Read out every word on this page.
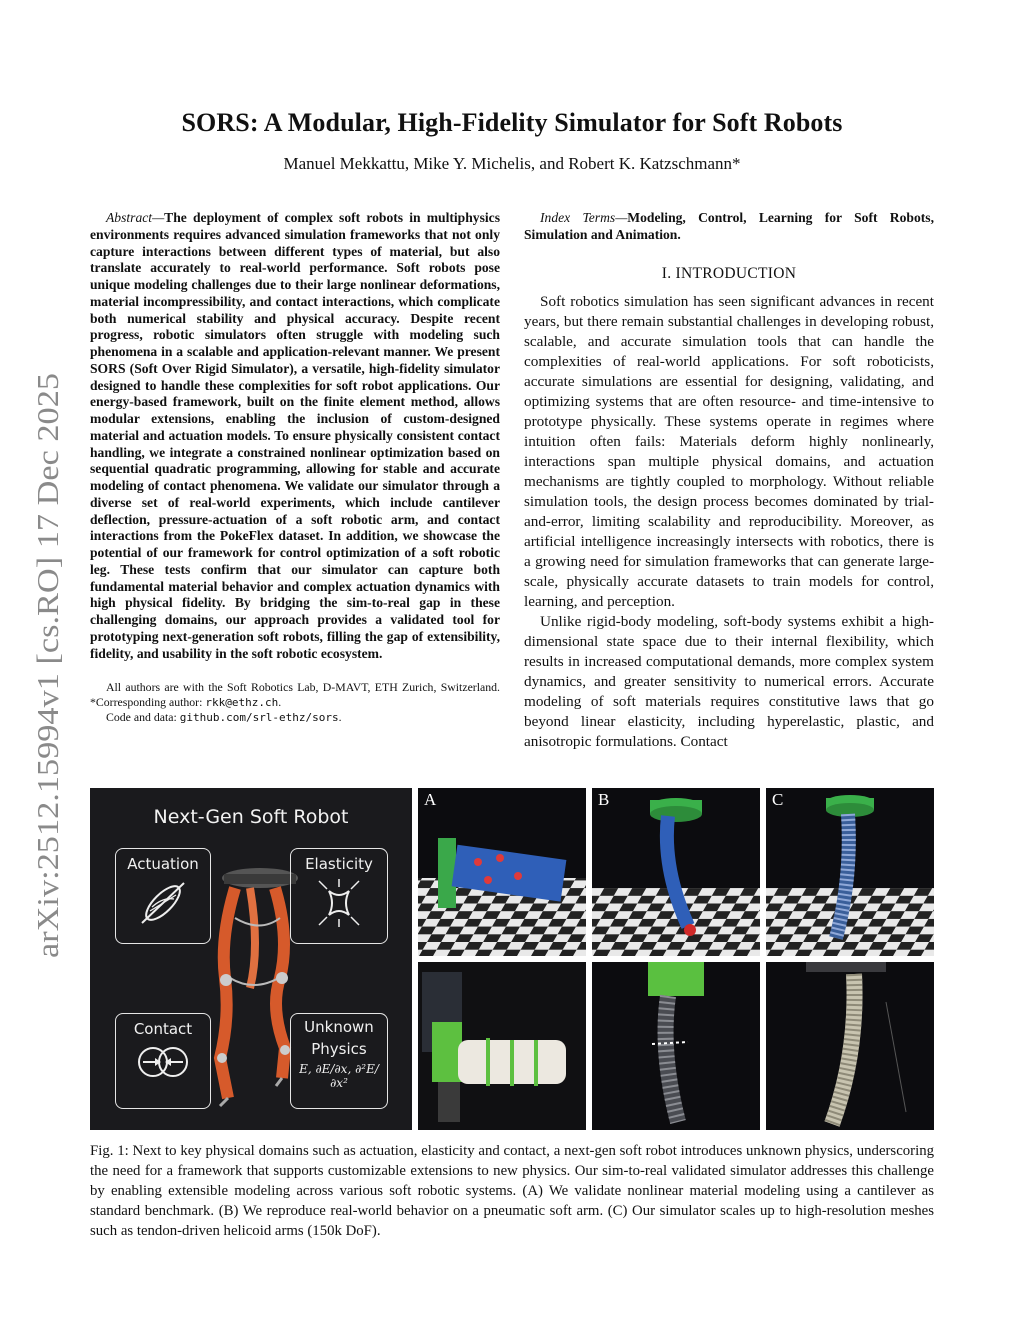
arXiv:2512.15994v1 [cs.RO] 17 Dec 2025
SORS: A Modular, High-Fidelity Simulator for Soft Robots
Manuel Mekkattu, Mike Y. Michelis, and Robert K. Katzschmann*

Abstract—The deployment of complex soft robots in multiphysics environments requires advanced simulation frameworks that not only capture interactions between different types of material, but also translate accurately to real-world performance. Soft robots pose unique modeling challenges due to their large nonlinear deformations, material incompressibility, and contact interactions, which complicate both numerical stability and physical accuracy. Despite recent progress, robotic simulators often struggle with modeling such phenomena in a scalable and application-relevant manner. We present SORS (Soft Over Rigid Simulator), a versatile, high-fidelity simulator designed to handle these complexities for soft robot applications. Our energy-based framework, built on the finite element method, allows modular extensions, enabling the inclusion of custom-designed material and actuation models. To ensure physically consistent contact handling, we integrate a constrained nonlinear optimization based on sequential quadratic programming, allowing for stable and accurate modeling of contact phenomena. We validate our simulator through a diverse set of real-world experiments, which include cantilever deflection, pressure-actuation of a soft robotic arm, and contact interactions from the PokeFlex dataset. In addition, we showcase the potential of our framework for control optimization of a soft robotic leg. These tests confirm that our simulator can capture both fundamental material behavior and complex actuation dynamics with high physical fidelity. By bridging the sim-to-real gap in these challenging domains, our approach provides a validated tool for prototyping next-generation soft robots, filling the gap of extensibility, fidelity, and usability in the soft robotic ecosystem.

All authors are with the Soft Robotics Lab, D-MAVT, ETH Zurich, Switzerland. *Corresponding author: rkk@ethz.ch.

Code and data: github.com/srl-ethz/sors.

Index Terms—Modeling, Control, Learning for Soft Robots, Simulation and Animation.

I. INTRODUCTION

Soft robotics simulation has seen significant advances in recent years, but there remain substantial challenges in developing robust, scalable, and accurate simulation tools that can handle the complexities of real-world applications. For soft roboticists, accurate simulations are essential for designing, validating, and optimizing systems that are often resource- and time-intensive to prototype physically. These systems operate in regimes where intuition often fails: Materials deform highly nonlinearly, interactions span multiple physical domains, and actuation mechanisms are tightly coupled to morphology. Without reliable simulation tools, the design process becomes dominated by trial-and-error, limiting scalability and reproducibility. Moreover, as artificial intelligence increasingly intersects with robotics, there is a growing need for simulation frameworks that can generate large-scale, physically accurate datasets to train models for control, learning, and perception.

Unlike rigid-body modeling, soft-body systems exhibit a high-dimensional state space due to their internal flexibility, which results in increased computational demands, more complex system dynamics, and greater sensitivity to numerical errors. Accurate modeling of soft materials requires constitutive laws that go beyond linear elasticity, including hyperelastic, plastic, and anisotropic formulations. Contact

Next-Gen Soft Robot
Actuation	Elasticity
Contact	Unknown
Physics
E, ∂E/∂x, ∂²E/∂x²
A	B	C
Fig. 1: Next to key physical domains such as actuation, elasticity and contact, a next-gen soft robot introduces unknown physics, underscoring the need for a framework that supports customizable extensions to new physics. Our sim-to-real validated simulator addresses this challenge by enabling extensible modeling across various soft robotic systems. (A) We validate nonlinear material modeling using a cantilever as standard benchmark. (B) We reproduce real-world behavior on a pneumatic soft arm. (C) Our simulator scales up to high-resolution meshes such as tendon-driven helicoid arms (150k DoF).
